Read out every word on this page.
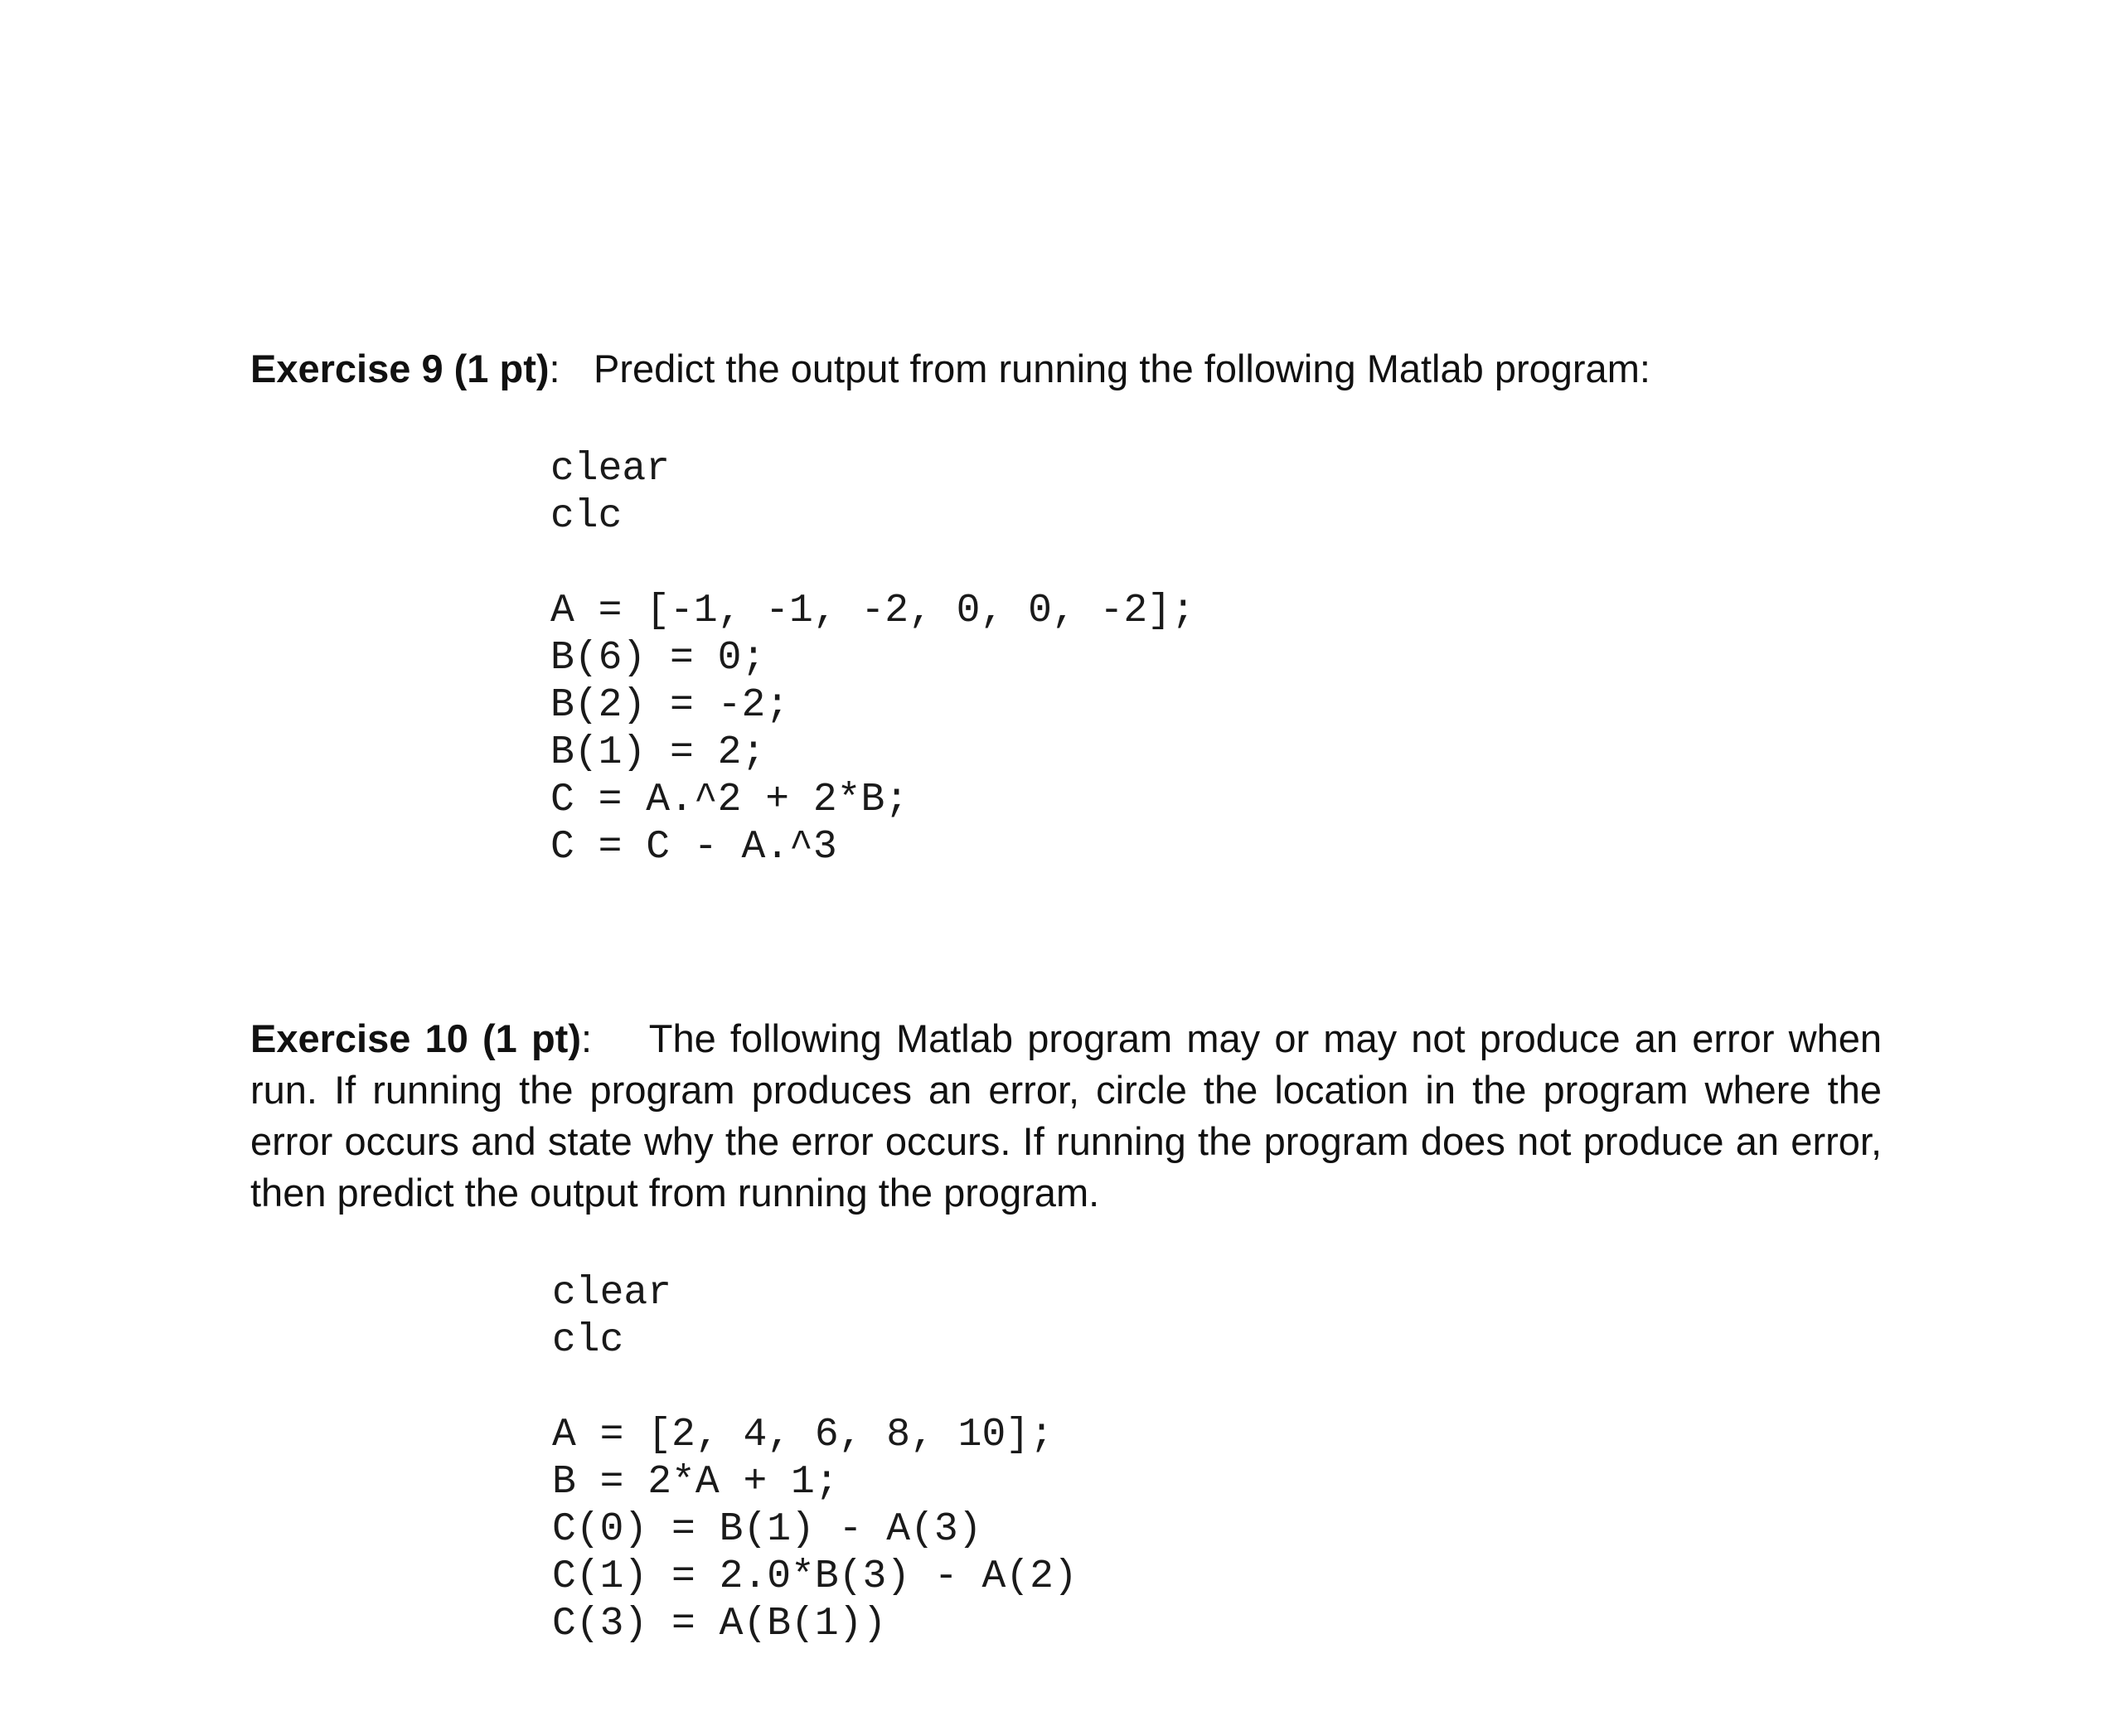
Exercise 9 (1 pt): Predict the output from running the following Matlab program:
clear
clc
A = [-1, -1, -2, 0, 0, -2];
B(6) = 0;
B(2) = -2;
B(1) = 2;
C = A.^2 + 2*B;
C = C - A.^3

Exercise 10 (1 pt): The following Matlab program may or may not produce an error when run. If running the program produces an error, circle the location in the program where the error occurs and state why the error occurs. If running the program does not produce an error, then predict the output from running the program.

clear
clc
A = [2, 4, 6, 8, 10];
B = 2*A + 1;
C(0) = B(1) - A(3)
C(1) = 2.0*B(3) - A(2)
C(3) = A(B(1))
